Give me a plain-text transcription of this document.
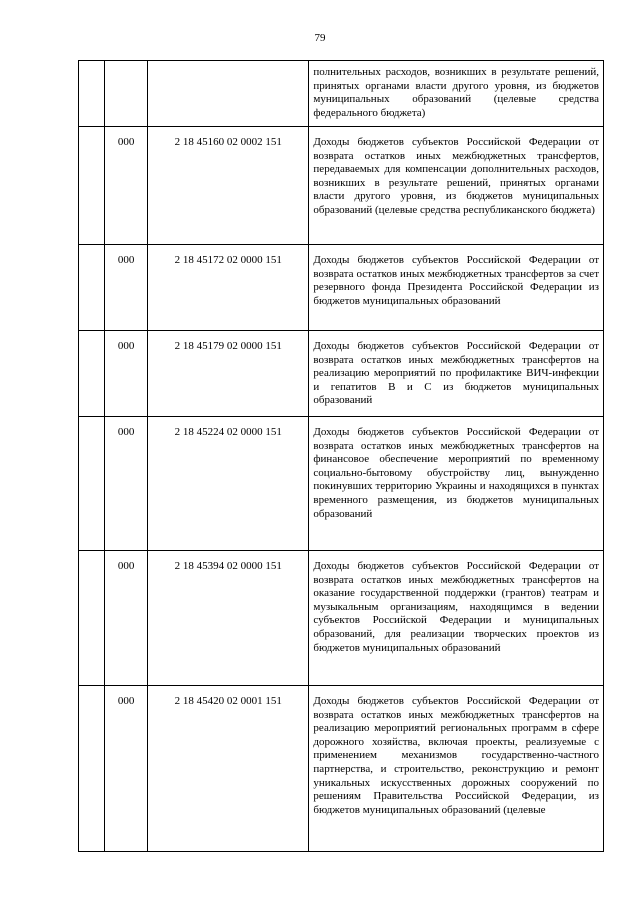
79

			полнительных расходов, возникших в результате решений, принятых органами власти другого уровня, из бюджетов муниципальных образований (целевые средства федерального бюджета)

	000	2 18 45160 02 0002 151	Доходы бюджетов субъектов Российской Федерации от возврата остатков иных межбюджетных трансфертов, передаваемых для компенсации дополнительных расходов, возникших в результате решений, принятых органами власти другого уровня, из бюджетов муниципальных образований (целевые средства республиканского бюджета)

	000	2 18 45172 02 0000 151	Доходы бюджетов субъектов Российской Федерации от возврата остатков иных межбюджетных трансфертов за счет резервного фонда Президента Российской Федерации из бюджетов муниципальных образований

	000	2 18 45179 02 0000 151	Доходы бюджетов субъектов Российской Федерации от возврата остатков иных межбюджетных трансфертов на реализацию мероприятий по профилактике ВИЧ-инфекции и гепатитов B и C из бюджетов муниципальных образований

	000	2 18 45224 02 0000 151	Доходы бюджетов субъектов Российской Федерации от возврата остатков иных межбюджетных трансфертов на финансовое обеспечение мероприятий по временному социально-бытовому обустройству лиц, вынужденно покинувших территорию Украины и находящихся в пунктах временного размещения, из бюджетов муниципальных образований

	000	2 18 45394 02 0000 151	Доходы бюджетов субъектов Российской Федерации от возврата остатков иных межбюджетных трансфертов на оказание государственной поддержки (грантов) театрам и музыкальным организациям, находящимся в ведении субъектов Российской Федерации и муниципальных образований, для реализации творческих проектов из бюджетов муниципальных образований

	000	2 18 45420 02 0001 151	Доходы бюджетов субъектов Российской Федерации от возврата остатков иных межбюджетных трансфертов на реализацию мероприятий региональных программ в сфере дорожного хозяйства, включая проекты, реализуемые с применением механизмов государственно-частного партнерства, и строительство, реконструкцию и ремонт уникальных искусственных дорожных сооружений по решениям Правительства Российской Федерации, из бюджетов муниципальных образований (целевые
